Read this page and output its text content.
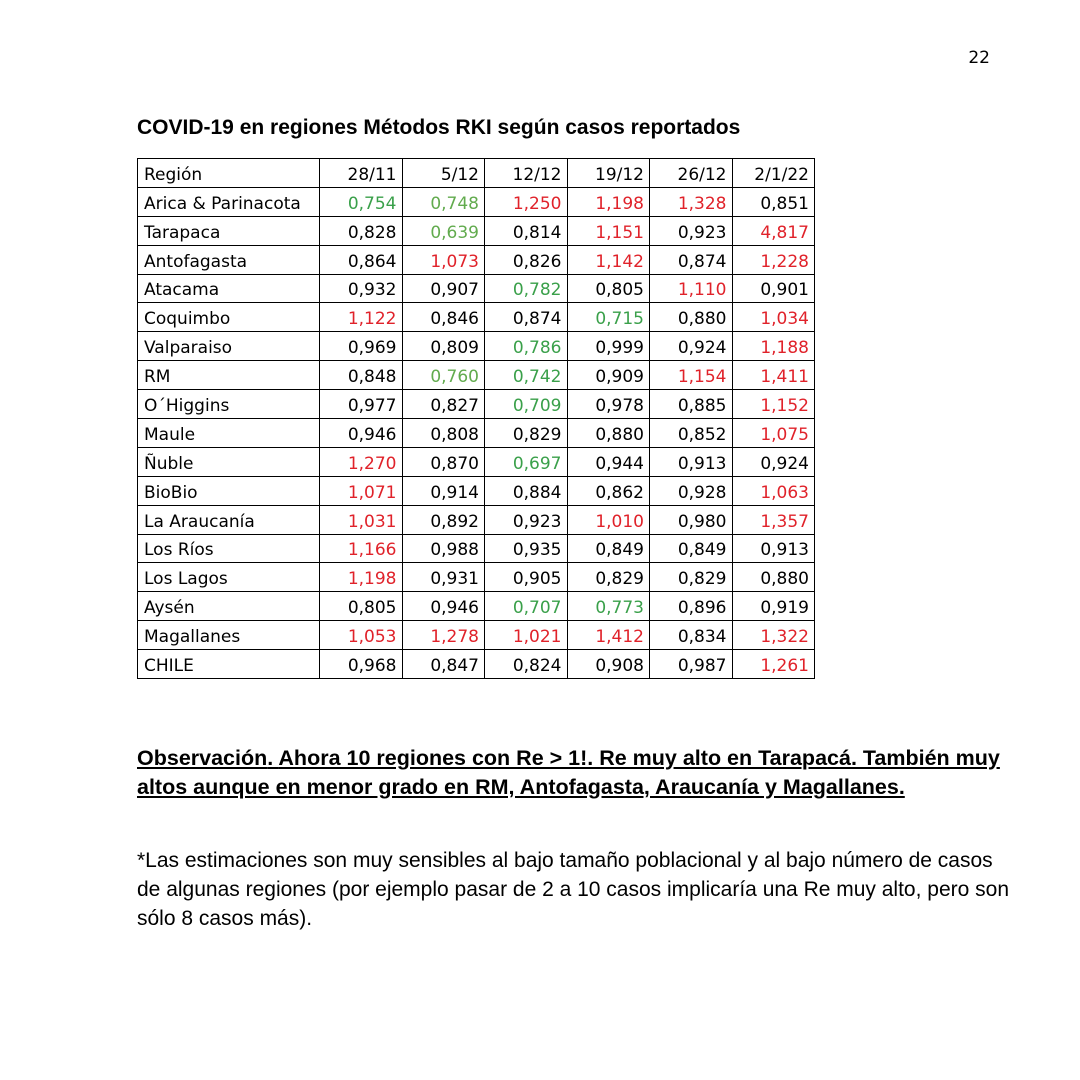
22
COVID-19 en regiones Métodos RKI según casos reportados
Región	28/11	5/12	12/12	19/12	26/12	2/1/22
Arica & Parinacota	0,754	0,748	1,250	1,198	1,328	0,851
Tarapaca	0,828	0,639	0,814	1,151	0,923	4,817
Antofagasta	0,864	1,073	0,826	1,142	0,874	1,228
Atacama	0,932	0,907	0,782	0,805	1,110	0,901
Coquimbo	1,122	0,846	0,874	0,715	0,880	1,034
Valparaiso	0,969	0,809	0,786	0,999	0,924	1,188
RM	0,848	0,760	0,742	0,909	1,154	1,411
O´Higgins	0,977	0,827	0,709	0,978	0,885	1,152
Maule	0,946	0,808	0,829	0,880	0,852	1,075
Ñuble	1,270	0,870	0,697	0,944	0,913	0,924
BioBio	1,071	0,914	0,884	0,862	0,928	1,063
La Araucanía	1,031	0,892	0,923	1,010	0,980	1,357
Los Ríos	1,166	0,988	0,935	0,849	0,849	0,913
Los Lagos	1,198	0,931	0,905	0,829	0,829	0,880
Aysén	0,805	0,946	0,707	0,773	0,896	0,919
Magallanes	1,053	1,278	1,021	1,412	0,834	1,322
CHILE	0,968	0,847	0,824	0,908	0,987	1,261
Observación. Ahora 10 regiones con Re > 1!. Re muy alto en Tarapacá. También muy altos aunque en menor grado en RM, Antofagasta, Araucanía y Magallanes.
*Las estimaciones son muy sensibles al bajo tamaño poblacional y al bajo número de casos de algunas regiones (por ejemplo pasar de 2 a 10 casos implicaría una Re muy alto, pero son sólo 8 casos más).
